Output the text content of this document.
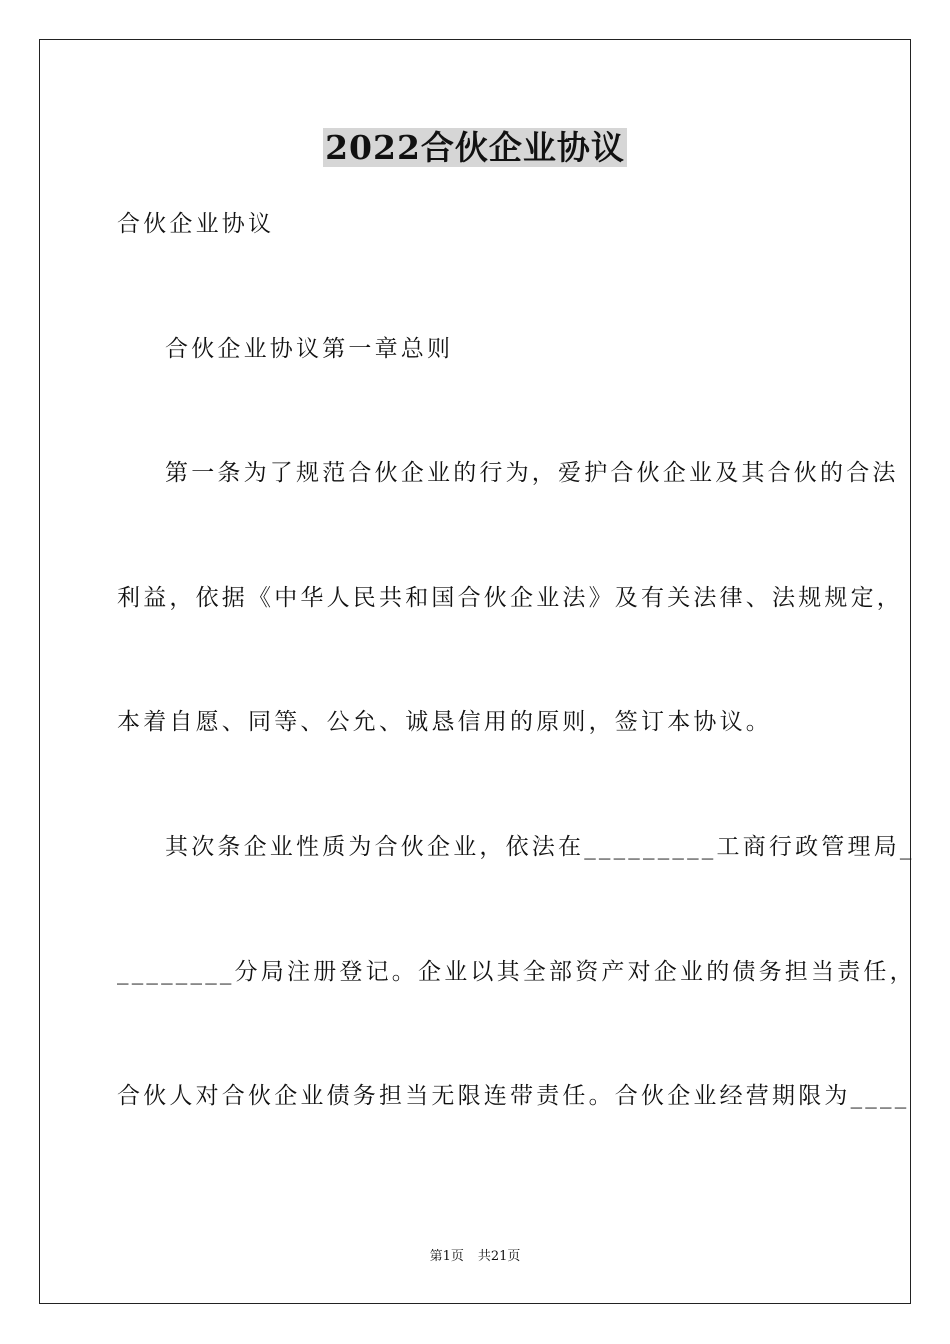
2022合伙企业协议
合伙企业协议
合伙企业协议第一章总则
第一条为了规范合伙企业的行为，爱护合伙企业及其合伙的合法
利益，依据《中华人民共和国合伙企业法》及有关法律、法规规定，
本着自愿、同等、公允、诚恳信用的原则，签订本协议。
其次条企业性质为合伙企业，依法在_________工商行政管理局_
________分局注册登记。企业以其全部资产对企业的债务担当责任，
合伙人对合伙企业债务担当无限连带责任。合伙企业经营期限为____
第1页 共21页
